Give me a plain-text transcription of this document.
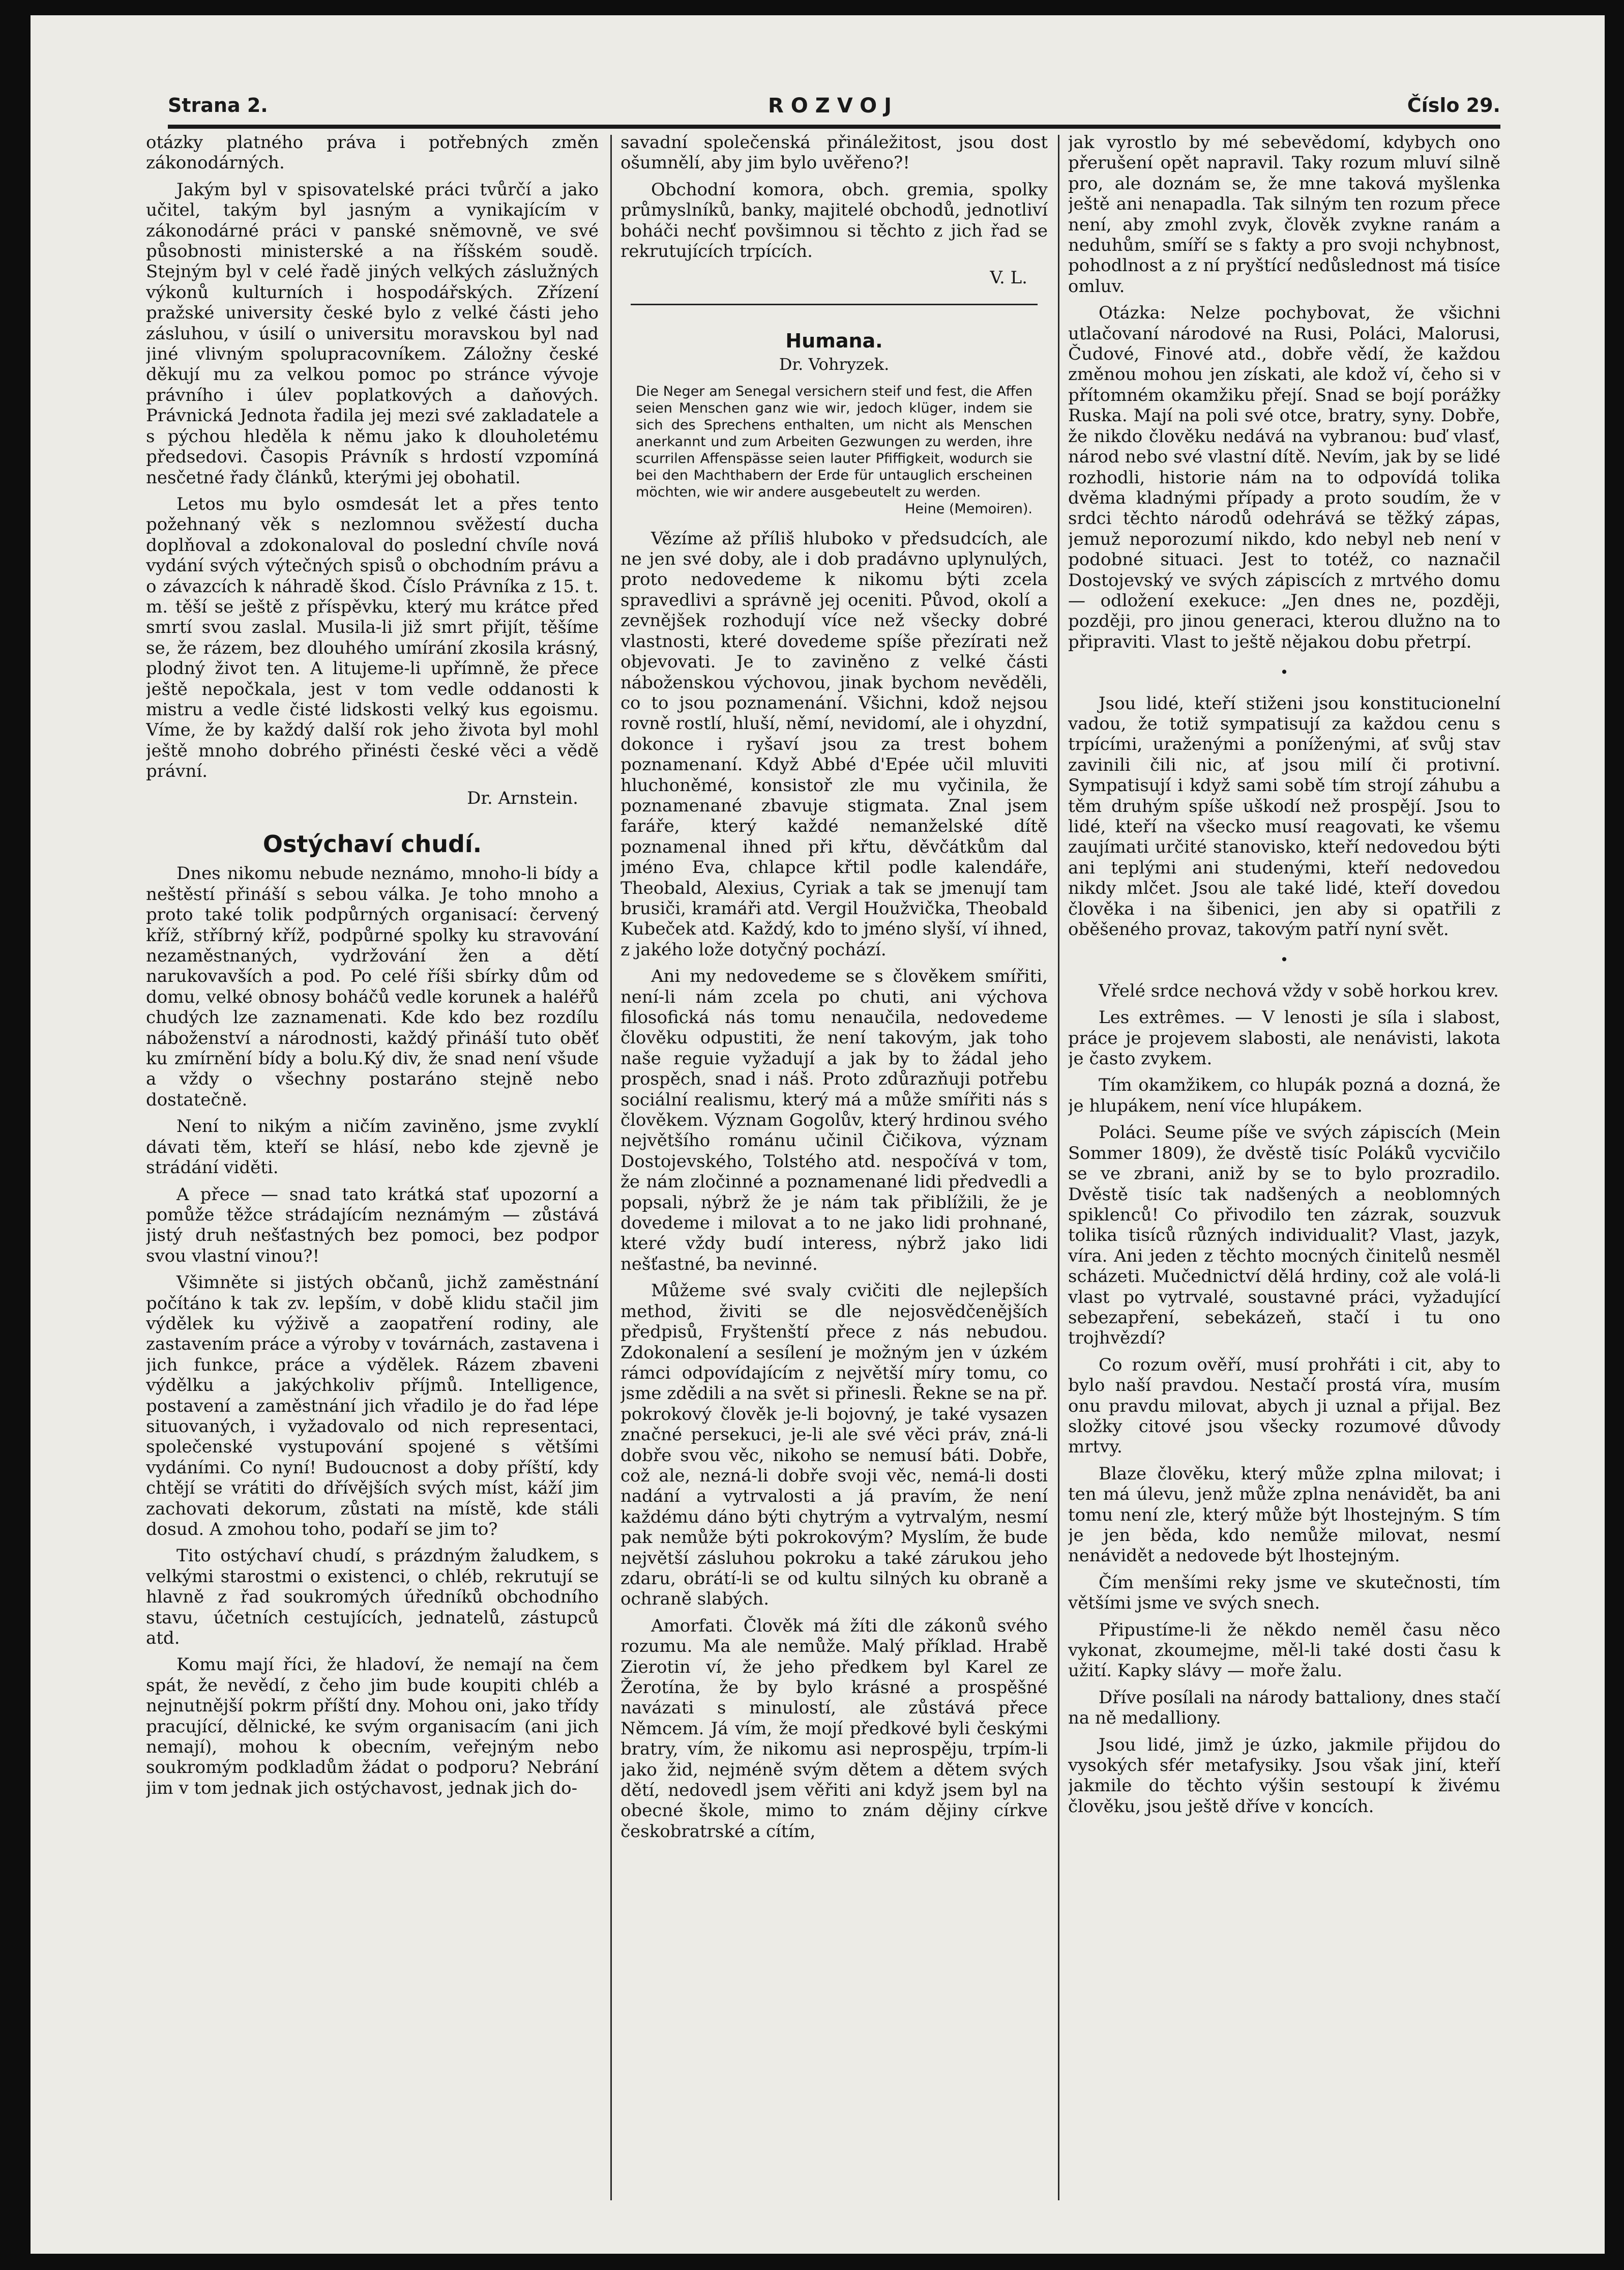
Strana 2.	ROZVOJ	Číslo 29.

otázky platného práva i potřebných změn zákonodárných.

Jakým byl v spisovatelské práci tvůrčí a jako učitel, takým byl jasným a vynikajícím v zákonodárné práci v panské sněmovně, ve své působnosti ministerské a na říšském soudě. Stejným byl v celé řadě jiných velkých záslužných výkonů kulturních i hospodářských. Zřízení pražské university české bylo z velké části jeho zásluhou, v úsilí o universitu moravskou byl nad jiné vlivným spolupracovníkem. Záložny české děkují mu za velkou pomoc po stránce vývoje právního i úlev poplatkových a daňových. Právnická Jednota řadila jej mezi své zakladatele a s pýchou hleděla k němu jako k dlouholetému předsedovi. Časopis Právník s hrdostí vzpomíná nesčetné řady článků, kterými jej obohatil.

Letos mu bylo osmdesát let a přes tento požehnaný věk s nezlomnou svěžestí ducha doplňoval a zdokonaloval do poslední chvíle nová vydání svých výtečných spisů o obchodním právu a o závazcích k náhradě škod. Číslo Právníka z 15. t. m. těší se ještě z příspěvku, který mu krátce před smrtí svou zaslal. Musila-li již smrt přijít, těšíme se, že rázem, bez dlouhého umírání zkosila krásný, plodný život ten. A litujeme-li upřímně, že přece ještě nepočkala, jest v tom vedle oddanosti k mistru a vedle čisté lidskosti velký kus egoismu. Víme, že by každý další rok jeho života byl mohl ještě mnoho dobrého přinésti české věci a vědě právní.

Dr. Arnstein.

Ostýchaví chudí.

Dnes nikomu nebude neznámo, mnoho-li bídy a neštěstí přináší s sebou válka. Je toho mnoho a proto také tolik podpůrných organisací: červený kříž, stříbrný kříž, podpůrné spolky ku stravování nezaměstnaných, vydržování žen a dětí narukovavších a pod. Po celé říši sbírky dům od domu, velké obnosy boháčů vedle korunek a haléřů chudých lze zaznamenati. Kde kdo bez rozdílu náboženství a národnosti, každý přináší tuto oběť ku zmírnění bídy a bolu.Ký div, že snad není všude a vždy o všechny postaráno stejně nebo dostatečně.

Není to nikým a ničím zaviněno, jsme zvyklí dávati těm, kteří se hlásí, nebo kde zjevně je strádání viděti.

A přece — snad tato krátká stať upozorní a pomůže těžce strádajícím neznámým — zůstává jistý druh nešťastných bez pomoci, bez podpor svou vlastní vinou?!

Všimněte si jistých občanů, jichž zaměstnání počítáno k tak zv. lepším, v době klidu stačil jim výdělek ku výživě a zaopatření rodiny, ale zastavením práce a výroby v továrnách, zastavena i jich funkce, práce a výdělek. Rázem zbaveni výdělku a jakýchkoliv příjmů. Intelligence, postavení a zaměstnání jich vřadilo je do řad lépe situovaných, i vyžadovalo od nich representaci, společenské vystupování spojené s většími vydáními. Co nyní! Budoucnost a doby příští, kdy chtějí se vrátiti do dřívějších svých míst, káží jim zachovati dekorum, zůstati na místě, kde stáli dosud. A zmohou toho, podaří se jim to?

Tito ostýchaví chudí, s prázdným žaludkem, s velkými starostmi o existenci, o chléb, rekrutují se hlavně z řad soukromých úředníků obchodního stavu, účetních cestujících, jednatelů, zástupců atd.

Komu mají říci, že hladoví, že nemají na čem spát, že nevědí, z čeho jim bude koupiti chléb a nejnutnější pokrm příští dny. Mohou oni, jako třídy pracující, dělnické, ke svým organisacím (ani jich nemají), mohou k obecním, veřejným nebo soukromým podkladům žádat o podporu? Nebrání jim v tom jednak jich ostýchavost, jednak jich do-

savadní společenská přináležitost, jsou dost ošumnělí, aby jim bylo uvěřeno?!

Obchodní komora, obch. gremia, spolky průmyslníků, banky, majitelé obchodů, jednotliví boháči nechť povšimnou si těchto z jich řad se rekrutujících trpících.

V. L.

Humana.
Dr. Vohryzek.
Die Neger am Senegal versichern steif und fest, die Affen seien Menschen ganz wie wir, jedoch klüger, indem sie sich des Sprechens enthalten, um nicht als Menschen anerkannt und zum Arbeiten Gezwungen zu werden, ihre scurrilen Affenspässe seien lauter Pfiffigkeit, wodurch sie bei den Machthabern der Erde für untauglich erscheinen möchten, wie wir andere ausgebeutelt zu werden.
Heine (Memoiren).

Vězíme až příliš hluboko v předsudcích, ale ne jen své doby, ale i dob pradávno uplynulých, proto nedovedeme k nikomu býti zcela spravedlivi a správně jej oceniti. Původ, okolí a zevnějšek rozhodují více než všecky dobré vlastnosti, které dovedeme spíše přezírati než objevovati. Je to zaviněno z velké části náboženskou výchovou, jinak bychom nevěděli, co to jsou poznamenání. Všichni, kdož nejsou rovně rostlí, hluší, němí, nevidomí, ale i ohyzdní, dokonce i ryšaví jsou za trest bohem poznamenaní. Když Abbé d'Epée učil mluviti hluchoněmé, konsistoř zle mu vyčinila, že poznamenané zbavuje stigmata. Znal jsem faráře, který každé nemanželské dítě poznamenal ihned při křtu, děvčátkům dal jméno Eva, chlapce křtil podle kalendáře, Theobald, Alexius, Cyriak a tak se jmenují tam brusiči, kramáři atd. Vergil Houžvička, Theobald Kubeček atd. Každý, kdo to jméno slyší, ví ihned, z jakého lože dotyčný pochází.

Ani my nedovedeme se s člověkem smířiti, není-li nám zcela po chuti, ani výchova filosofická nás tomu nenaučila, nedovedeme člověku odpustiti, že není takovým, jak toho naše reguie vyžadují a jak by to žádal jeho prospěch, snad i náš. Proto zdůrazňuji potřebu sociální realismu, který má a může smířiti nás s člověkem. Význam Gogolův, který hrdinou svého největšího románu učinil Čičikova, význam Dostojevského, Tolstého atd. nespočívá v tom, že nám zločinné a poznamenané lidi předvedli a popsali, nýbrž že je nám tak přiblížili, že je dovedeme i milovat a to ne jako lidi prohnané, které vždy budí interess, nýbrž jako lidi nešťastné, ba nevinné.

Můžeme své svaly cvičiti dle nejlepších method, živiti se dle nejosvědčenějších předpisů, Fryštenští přece z nás nebudou. Zdokonalení a sesílení je možným jen v úzkém rámci odpovídajícím z největší míry tomu, co jsme zdědili a na svět si přinesli. Řekne se na př. pokrokový člověk je-li bojovný, je také vysazen značné persekuci, je-li ale své věci práv, zná-li dobře svou věc, nikoho se nemusí báti. Dobře, což ale, nezná-li dobře svoji věc, nemá-li dosti nadání a vytrvalosti a já pravím, že není každému dáno býti chytrým a vytrvalým, nesmí pak nemůže býti pokrokovým? Myslím, že bude největší zásluhou pokroku a také zárukou jeho zdaru, obrátí-li se od kultu silných ku obraně a ochraně slabých.

Amorfati. Člověk má žíti dle zákonů svého rozumu. Ma ale nemůže. Malý příklad. Hrabě Zierotin ví, že jeho předkem byl Karel ze Žerotína, že by bylo krásné a prospěšné navázati s minulostí, ale zůstává přece Němcem. Já vím, že mojí předkové byli českými bratry, vím, že nikomu asi neprospěju, trpím-li jako žid, nejméně svým dětem a dětem svých dětí, nedovedl jsem věřiti ani když jsem byl na obecné škole, mimo to znám dějiny církve českobratrské a cítím,

jak vyrostlo by mé sebevědomí, kdybych ono přerušení opět napravil. Taky rozum mluví silně pro, ale doznám se, že mne taková myšlenka ještě ani nenapadla. Tak silným ten rozum přece není, aby zmohl zvyk, člověk zvykne ranám a neduhům, smíří se s fakty a pro svoji nchybnost, pohodlnost a z ní pryštící nedůslednost má tisíce omluv.

Otázka: Nelze pochybovat, že všichni utlačovaní národové na Rusi, Poláci, Malorusi, Čudové, Finové atd., dobře vědí, že každou změnou mohou jen získati, ale kdož ví, čeho si v přítomném okamžiku přejí. Snad se bojí porážky Ruska. Mají na poli své otce, bratry, syny. Dobře, že nikdo člověku nedává na vybranou: buď vlasť, národ nebo své vlastní dítě. Nevím, jak by se lidé rozhodli, historie nám na to odpovídá tolika dvěma kladnými případy a proto soudím, že v srdci těchto národů odehrává se těžký zápas, jemuž neporozumí nikdo, kdo nebyl neb není v podobné situaci. Jest to totéž, co naznačil Dostojevský ve svých zápiscích z mrtvého domu — odložení exekuce: „Jen dnes ne, později, později, pro jinou generaci, kterou dlužno na to připraviti. Vlast to ještě nějakou dobu přetrpí.

•

Jsou lidé, kteří stiženi jsou konstitucionelní vadou, že totiž sympatisují za každou cenu s trpícími, uraženými a poníženými, ať svůj stav zavinili čili nic, ať jsou milí či protivní. Sympatisují i když sami sobě tím strojí záhubu a těm druhým spíše uškodí než prospějí. Jsou to lidé, kteří na všecko musí reagovati, ke všemu zaujímati určité stanovisko, kteří nedovedou býti ani teplými ani studenými, kteří nedovedou nikdy mlčet. Jsou ale také lidé, kteří dovedou člověka i na šibenici, jen aby si opatřili z oběšeného provaz, takovým patří nyní svět.

•

Vřelé srdce nechová vždy v sobě horkou krev.

Les extrêmes. — V lenosti je síla i slabost, práce je projevem slabosti, ale nenávisti, lakota je často zvykem.

Tím okamžikem, co hlupák pozná a dozná, že je hlupákem, není více hlupákem.

Poláci. Seume píše ve svých zápiscích (Mein Sommer 1809), že dvěstě tisíc Poláků vycvičilo se ve zbrani, aniž by se to bylo prozradilo. Dvěstě tisíc tak nadšených a neoblomných spiklenců! Co přivodilo ten zázrak, souzvuk tolika tisíců různých individualit? Vlast, jazyk, víra. Ani jeden z těchto mocných činitelů nesměl scházeti. Mučednictví dělá hrdiny, což ale volá-li vlast po vytrvalé, soustavné práci, vyžadující sebezapření, sebekázeň, stačí i tu ono trojhvězdí?

Co rozum ověří, musí prohřáti i cit, aby to bylo naší pravdou. Nestačí prostá víra, musím onu pravdu milovat, abych ji uznal a přijal. Bez složky citové jsou všecky rozumové důvody mrtvy.

Blaze člověku, který může zplna milovat; i ten má úlevu, jenž může zplna nenávidět, ba ani tomu není zle, který může být lhostejným. S tím je jen běda, kdo nemůže milovat, nesmí nenávidět a nedovede být lhostejným.

Čím menšími reky jsme ve skutečnosti, tím většími jsme ve svých snech.

Připustíme-li že někdo neměl času něco vykonat, zkoumejme, měl-li také dosti času k užití. Kapky slávy — moře žalu.

Dříve posílali na národy battaliony, dnes stačí na ně medalliony.

Jsou lidé, jimž je úzko, jakmile přijdou do vysokých sfér metafysiky. Jsou však jiní, kteří jakmile do těchto výšin sestoupí k živému člověku, jsou ještě dříve v koncích.
